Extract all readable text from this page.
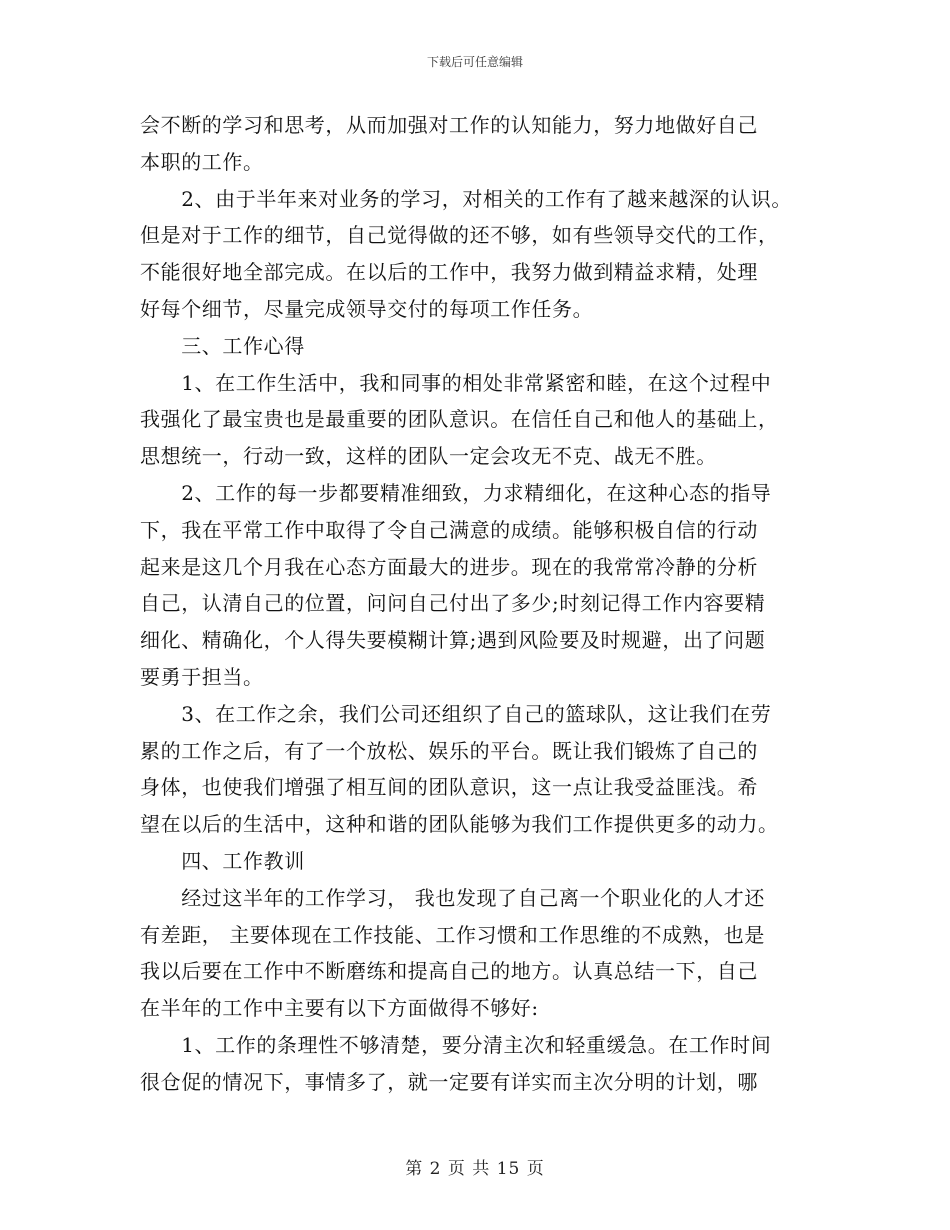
下载后可任意编辑
会不断的学习和思考，从而加强对工作的认知能力，努力地做好自己
本职的工作。
　　2、由于半年来对业务的学习，对相关的工作有了越来越深的认识。
但是对于工作的细节，自己觉得做的还不够，如有些领导交代的工作，
不能很好地全部完成。在以后的工作中，我努力做到精益求精，处理
好每个细节，尽量完成领导交付的每项工作任务。
　　三、工作心得
　　1、在工作生活中，我和同事的相处非常紧密和睦，在这个过程中
我强化了最宝贵也是最重要的团队意识。在信任自己和他人的基础上，
思想统一，行动一致，这样的团队一定会攻无不克、战无不胜。
　　2、工作的每一步都要精准细致，力求精细化，在这种心态的指导
下，我在平常工作中取得了令自己满意的成绩。能够积极自信的行动
起来是这几个月我在心态方面最大的进步。现在的我常常冷静的分析
自己，认清自己的位置，问问自己付出了多少;时刻记得工作内容要精
细化、精确化，个人得失要模糊计算;遇到风险要及时规避，出了问题
要勇于担当。
　　3、在工作之余，我们公司还组织了自己的篮球队，这让我们在劳
累的工作之后，有了一个放松、娱乐的平台。既让我们锻炼了自己的
身体，也使我们增强了相互间的团队意识，这一点让我受益匪浅。希
望在以后的生活中，这种和谐的团队能够为我们工作提供更多的动力。
　　四、工作教训
　　经过这半年的工作学习， 我也发现了自己离一个职业化的人才还
有差距， 主要体现在工作技能、工作习惯和工作思维的不成熟，也是
我以后要在工作中不断磨练和提高自己的地方。认真总结一下，自己
在半年的工作中主要有以下方面做得不够好:
　　1、工作的条理性不够清楚，要分清主次和轻重缓急。在工作时间
很仓促的情况下，事情多了，就一定要有详实而主次分明的计划，哪
第 2 页 共 15 页
